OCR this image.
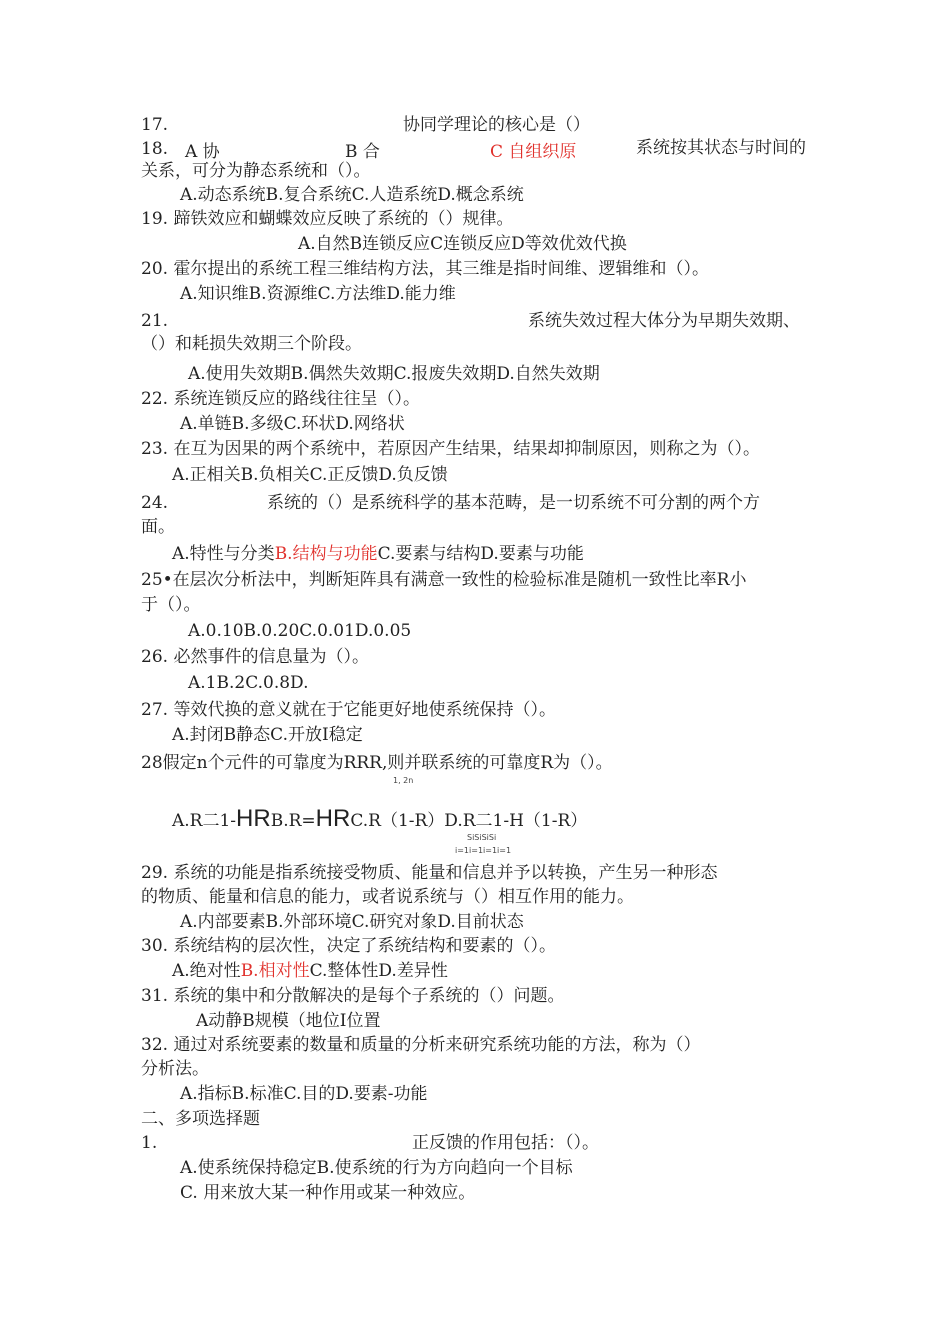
17.	协同学理论的核心是（）
18. A 协	B 合	C 自组织原	系统按其状态与时间的
关系，可分为静态系统和（）。
A.动态系统B.复合系统C.人造系统D.概念系统
19. 蹄铁效应和蝴蝶效应反映了系统的（）规律。
A.自然B连锁反应C连锁反应D等效优效代换
20. 霍尔提出的系统工程三维结构方法，其三维是指时间维、逻辑维和（）。
A.知识维B.资源维C.方法维D.能力维
21.	系统失效过程大体分为早期失效期、
（）和耗损失效期三个阶段。
A.使用失效期B.偶然失效期C.报废失效期D.自然失效期
22. 系统连锁反应的路线往往呈（）。
A.单链B.多级C.环状D.网络状
23. 在互为因果的两个系统中，若原因产生结果，结果却抑制原因，则称之为（）。
A.正相关B.负相关C.正反馈D.负反馈
24.	系统的（）是系统科学的基本范畴，是一切系统不可分割的两个方
面。
A.特性与分类B.结构与功能C.要素与结构D.要素与功能
25•在层次分析法中，判断矩阵具有满意一致性的检验标准是随机一致性比率R小
于（）。
A.0.10B.0.20C.0.01D.0.05
26. 必然事件的信息量为（）。
A.1B.2C.0.8D.
27. 等效代换的意义就在于它能更好地使系统保持（）。
A.封闭B静态C.开放I稳定
28假定n个元件的可靠度为RRR,则并联系统的可靠度R为（）。
1, 2n
A.R二1-HRB.R=HRC.R（1-R）D.R二1-H（1-R）
SiSiSiSi
i=1i=1i=1i=1
29. 系统的功能是指系统接受物质、能量和信息并予以转换，产生另一种形态
的物质、能量和信息的能力，或者说系统与（）相互作用的能力。
A.内部要素B.外部环境C.研究对象D.目前状态
30. 系统结构的层次性，决定了系统结构和要素的（）。
A.绝对性B.相对性C.整体性D.差异性
31. 系统的集中和分散解决的是每个子系统的（）问题。
A动静B规模（地位I位置
32. 通过对系统要素的数量和质量的分析来研究系统功能的方法，称为（）
分析法。
A.指标B.标准C.目的D.要素-功能
二、多项选择题
1.	正反馈的作用包括：（）。
A.使系统保持稳定B.使系统的行为方向趋向一个目标
C. 用来放大某一种作用或某一种效应。
